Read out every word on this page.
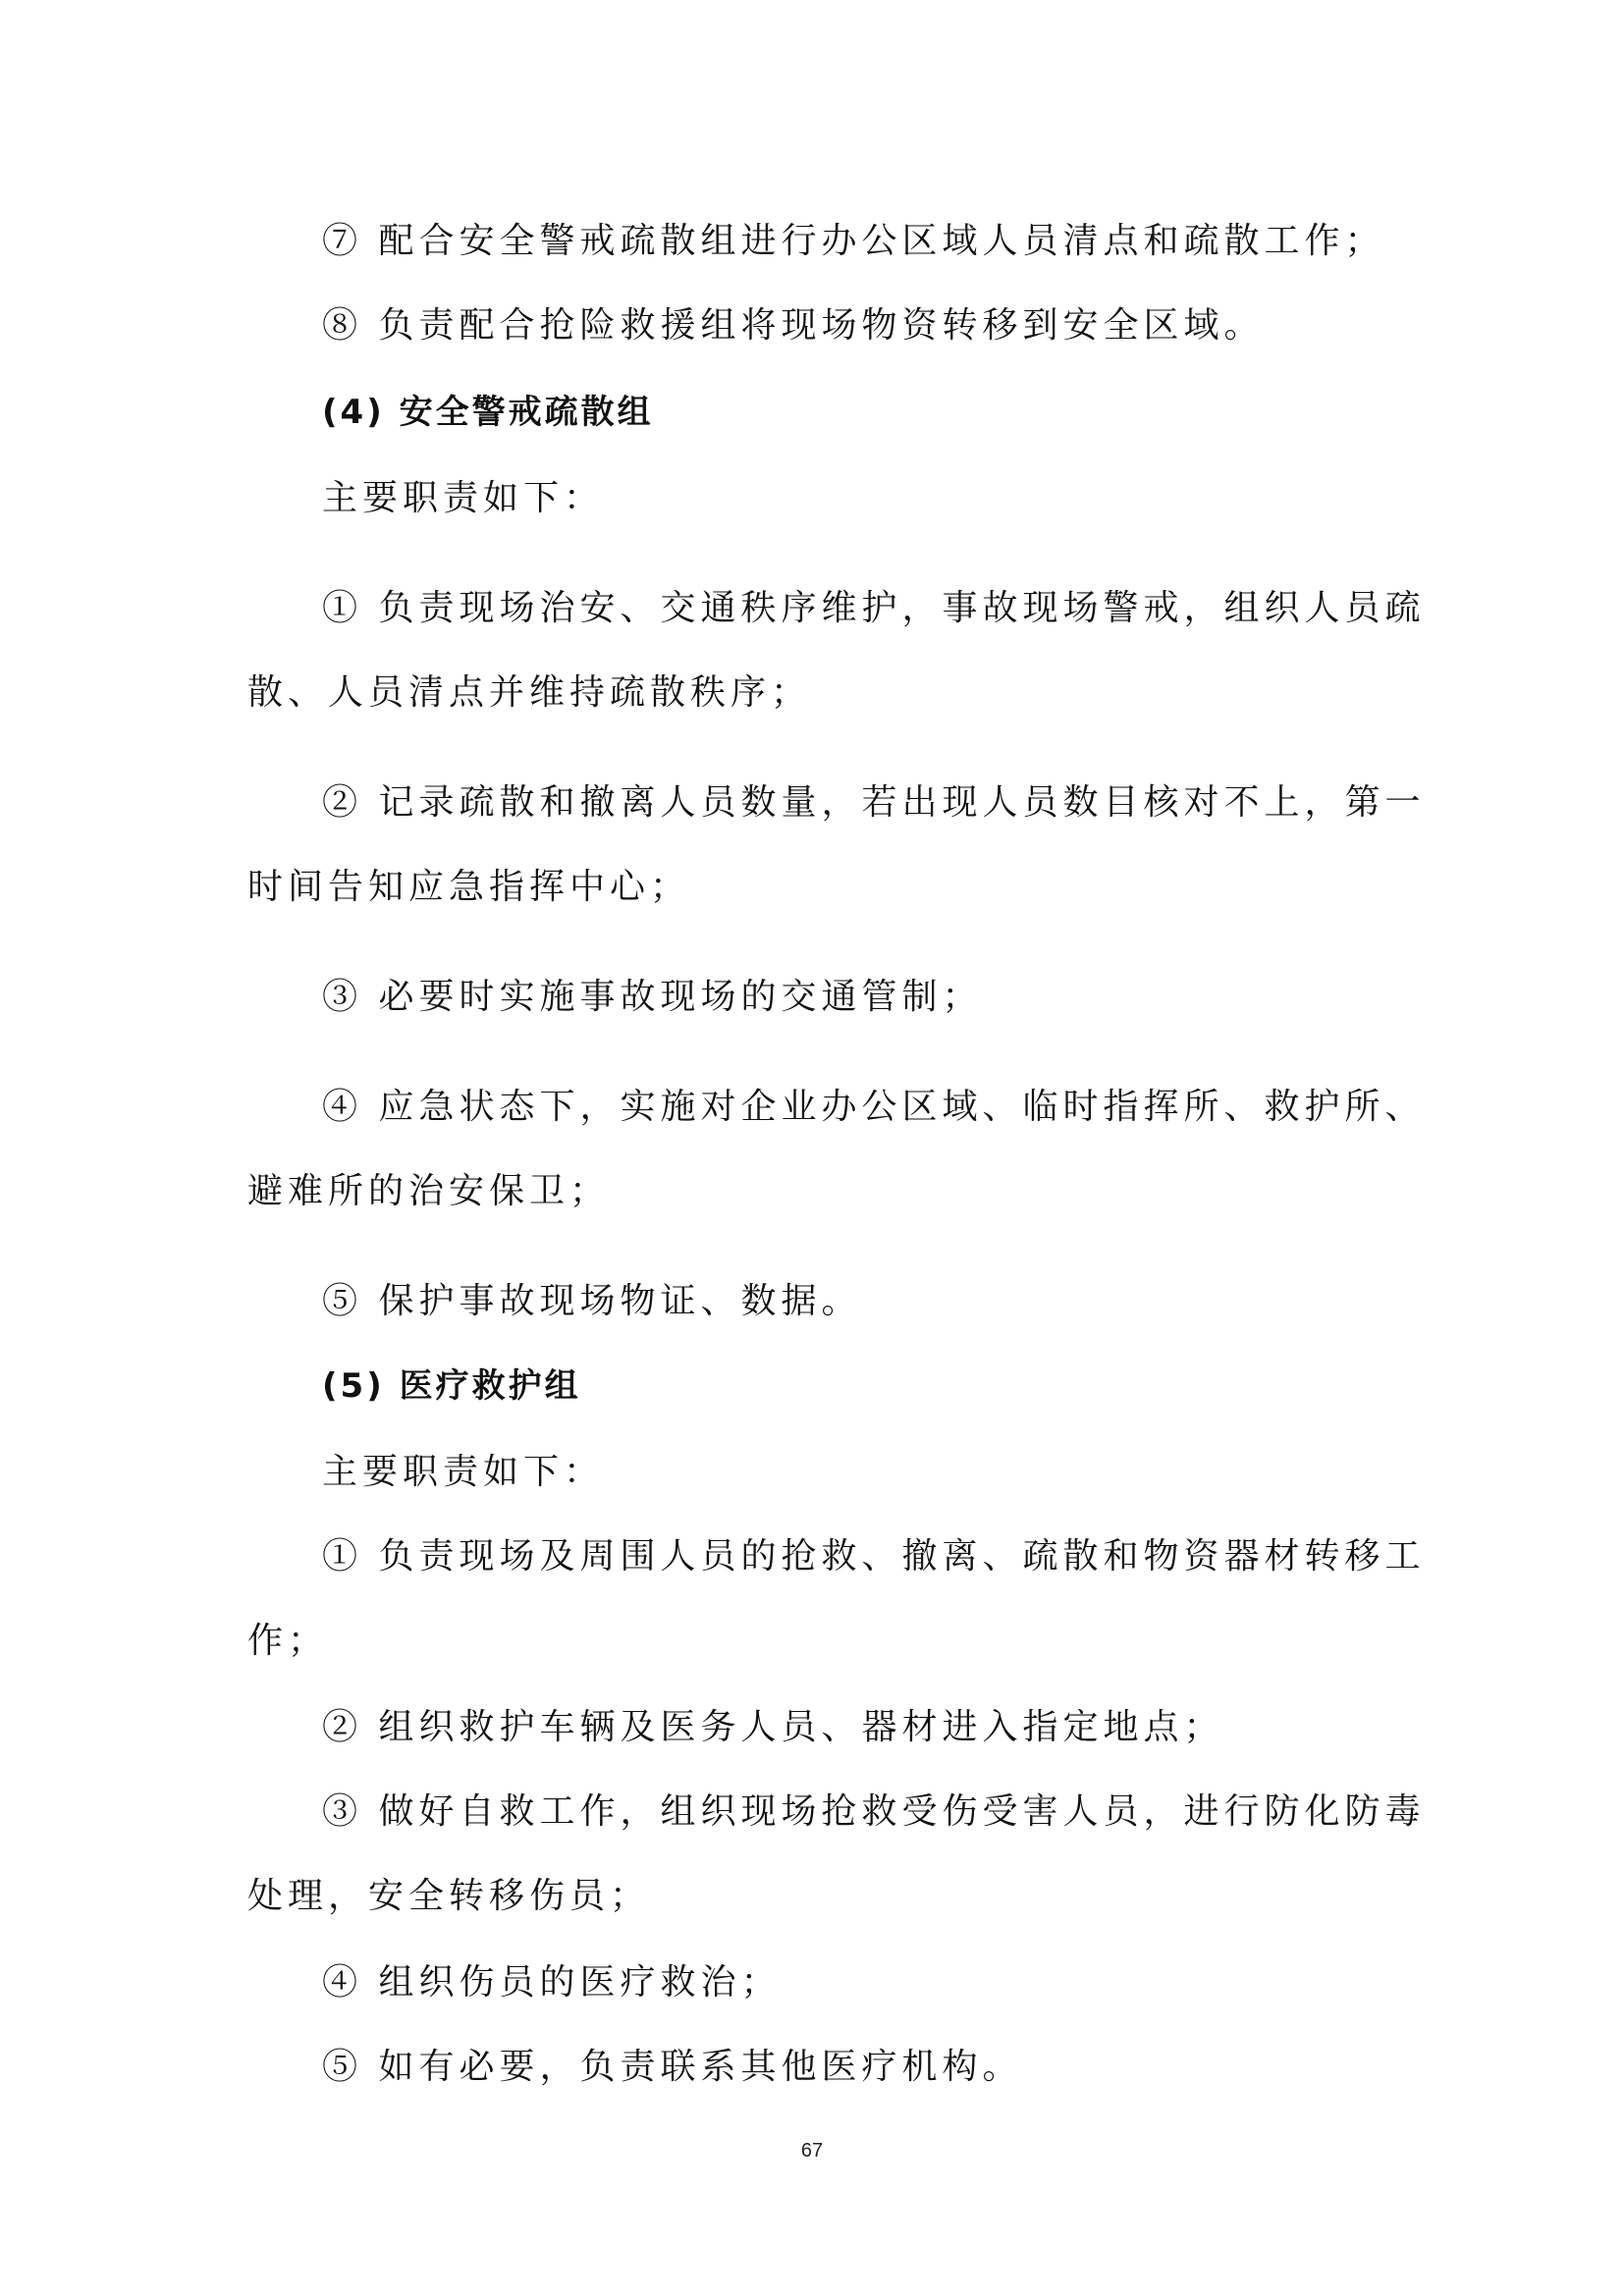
⑦ 配合安全警戒疏散组进行办公区域人员清点和疏散工作；
⑧ 负责配合抢险救援组将现场物资转移到安全区域。
(4) 安全警戒疏散组
主要职责如下：
① 负责现场治安、交通秩序维护，事故现场警戒，组织人员疏
散、人员清点并维持疏散秩序；
② 记录疏散和撤离人员数量，若出现人员数目核对不上，第一
时间告知应急指挥中心；
③ 必要时实施事故现场的交通管制；
④ 应急状态下，实施对企业办公区域、临时指挥所、救护所、
避难所的治安保卫；
⑤ 保护事故现场物证、数据。
(5) 医疗救护组
主要职责如下：
① 负责现场及周围人员的抢救、撤离、疏散和物资器材转移工
作；
② 组织救护车辆及医务人员、器材进入指定地点；
③ 做好自救工作，组织现场抢救受伤受害人员，进行防化防毒
处理，安全转移伤员；
④ 组织伤员的医疗救治；
⑤ 如有必要，负责联系其他医疗机构。
67
